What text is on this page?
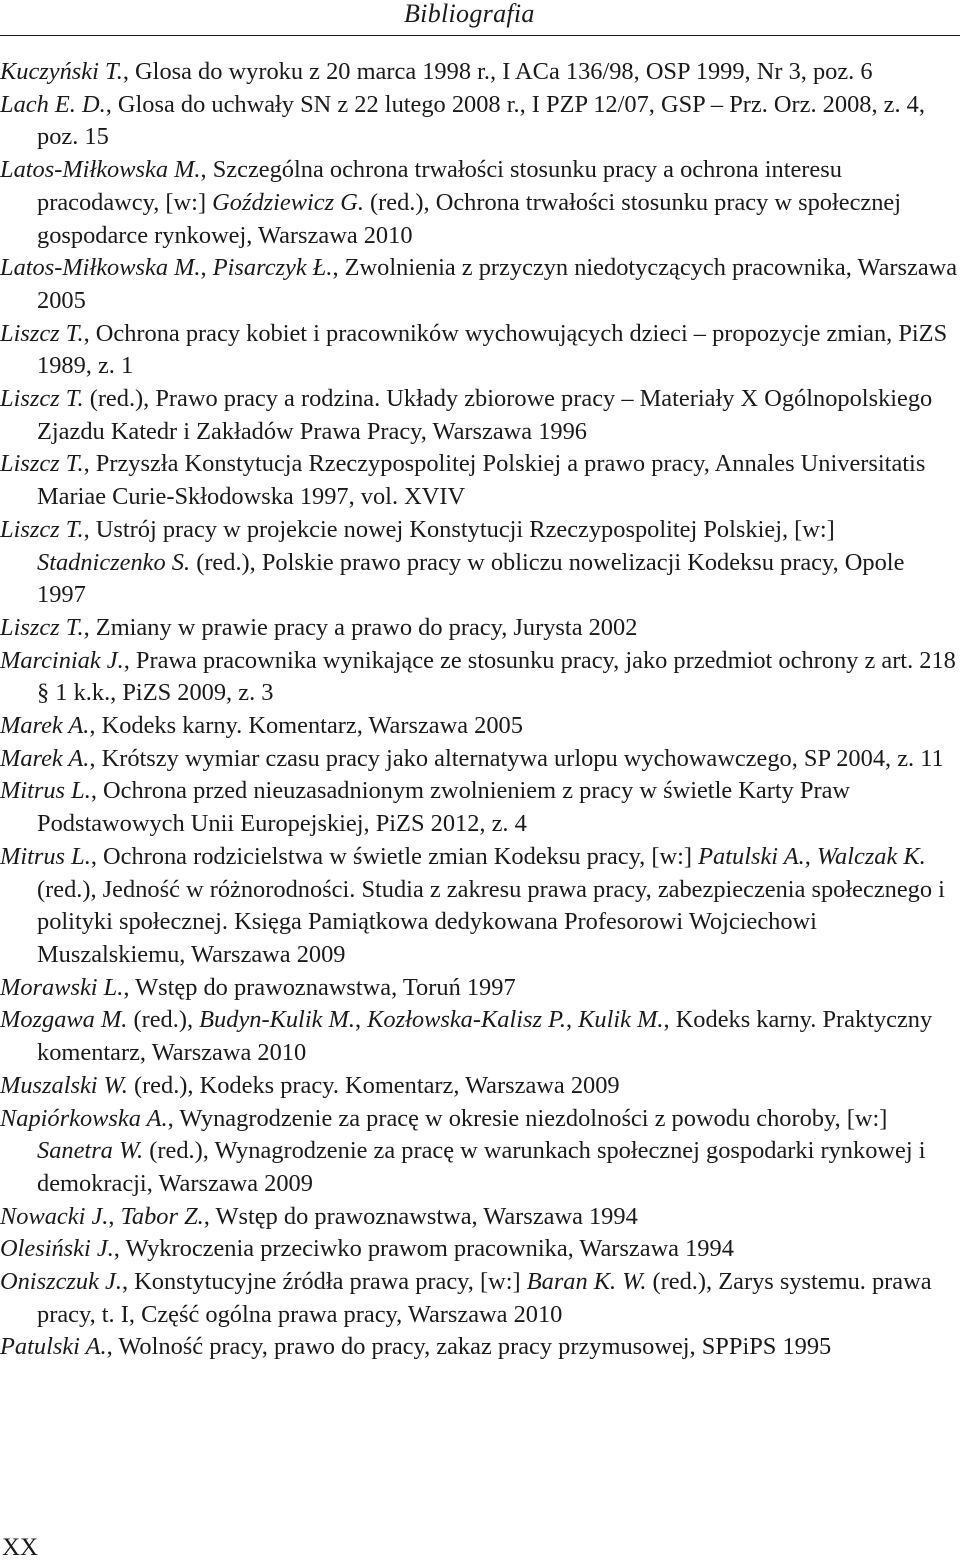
Bibliografia
Kuczyński T., Glosa do wyroku z 20 marca 1998 r., I ACa 136/98, OSP 1999, Nr 3, poz. 6
Lach E. D., Glosa do uchwały SN z 22 lutego 2008 r., I PZP 12/07, GSP – Prz. Orz. 2008, z. 4, poz. 15
Latos-Miłkowska M., Szczególna ochrona trwałości stosunku pracy a ochrona interesu pracodawcy, [w:] Goździewicz G. (red.), Ochrona trwałości stosunku pracy w społecznej gospodarce rynkowej, Warszawa 2010
Latos-Miłkowska M., Pisarczyk Ł., Zwolnienia z przyczyn niedotyczących pracownika, Warszawa 2005
Liszcz T., Ochrona pracy kobiet i pracowników wychowujących dzieci – propozycje zmian, PiZS 1989, z. 1
Liszcz T. (red.), Prawo pracy a rodzina. Układy zbiorowe pracy – Materiały X Ogólnopolskiego Zjazdu Katedr i Zakładów Prawa Pracy, Warszawa 1996
Liszcz T., Przyszła Konstytucja Rzeczypospolitej Polskiej a prawo pracy, Annales Universitatis Mariae Curie-Skłodowska 1997, vol. XVIV
Liszcz T., Ustrój pracy w projekcie nowej Konstytucji Rzeczypospolitej Polskiej, [w:] Stadniczenko S. (red.), Polskie prawo pracy w obliczu nowelizacji Kodeksu pracy, Opole 1997
Liszcz T., Zmiany w prawie pracy a prawo do pracy, Jurysta 2002
Marciniak J., Prawa pracownika wynikające ze stosunku pracy, jako przedmiot ochrony z art. 218 § 1 k.k., PiZS 2009, z. 3
Marek A., Kodeks karny. Komentarz, Warszawa 2005
Marek A., Krótszy wymiar czasu pracy jako alternatywa urlopu wychowawczego, SP 2004, z. 11
Mitrus L., Ochrona przed nieuzasadnionym zwolnieniem z pracy w świetle Karty Praw Podstawowych Unii Europejskiej, PiZS 2012, z. 4
Mitrus L., Ochrona rodzicielstwa w świetle zmian Kodeksu pracy, [w:] Patulski A., Walczak K. (red.), Jedność w różnorodności. Studia z zakresu prawa pracy, zabezpieczenia społecznego i polityki społecznej. Księga Pamiątkowa dedykowana Profesorowi Wojciechowi Muszalskiemu, Warszawa 2009
Morawski L., Wstęp do prawoznawstwa, Toruń 1997
Mozgawa M. (red.), Budyn-Kulik M., Kozłowska-Kalisz P., Kulik M., Kodeks karny. Praktyczny komentarz, Warszawa 2010
Muszalski W. (red.), Kodeks pracy. Komentarz, Warszawa 2009
Napiórkowska A., Wynagrodzenie za pracę w okresie niezdolności z powodu choroby, [w:] Sanetra W. (red.), Wynagrodzenie za pracę w warunkach społecznej gospodarki rynkowej i demokracji, Warszawa 2009
Nowacki J., Tabor Z., Wstęp do prawoznawstwa, Warszawa 1994
Olesiński J., Wykroczenia przeciwko prawom pracownika, Warszawa 1994
Oniszczuk J., Konstytucyjne źródła prawa pracy, [w:] Baran K. W. (red.), Zarys systemu. prawa pracy, t. I, Część ogólna prawa pracy, Warszawa 2010
Patulski A., Wolność pracy, prawo do pracy, zakaz pracy przymusowej, SPPiPS 1995
XX
